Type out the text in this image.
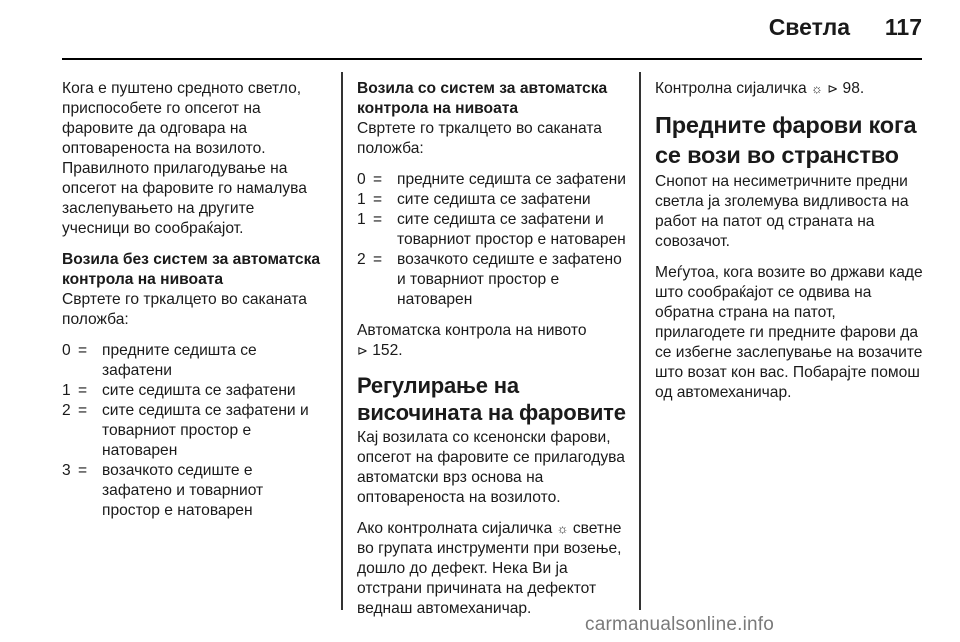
Светла	117

Кога е пуштено средното светло, приспособете го опсегот на фаровите да одговара на оптовареноста на возилото. Правилното прилагодување на опсегот на фаровите го намалува заслепувањето на другите учесници во сообраќајот.

Возила без систем за автоматска контрола на нивоата

Свртете го тркалцето во саканата положба:

0 = предните седишта се зафатени
1 = сите седишта се зафатени
2 = сите седишта се зафатени и товарниот простор е натоварен
3 = возачкото седиште е зафатено и товарниот простор е натоварен
Возила со систем за автоматска контрола на нивоата

Свртете го тркалцето во саканата положба:

0 = предните седишта се зафатени
1 = сите седишта се зафатени
1 = сите седишта се зафатени и товарниот простор е натоварен
2 = возачкото седиште е зафатено и товарниот простор е натоварен

Автоматска контрола на нивото
⊳ 152.

Регулирање на височината на фаровите

Кај возилата со ксенонски фарови, опсегот на фаровите се прилагодува автоматски врз основа на оптовареноста на возилото.

Ако контролната сијаличка ☼ светне во групата инструменти при возење, дошло до дефект. Нека Ви ја отстрани причината на дефектот веднаш автомеханичар.

Контролна сијаличка ☼ ⊳ 98.

Предните фарови кога се вози во странство

Снопот на несиметричните предни светла ја зголемува видливоста на работ на патот од страната на совозачот.

Меѓутоа, кога возите во држави каде што сообраќајот се одвива на обратна страна на патот, прилагодете ги предните фарови да се избегне заслепување на возачите што возат кон вас. Побарајте помош од автомеханичар.

carmanualsonline.info
